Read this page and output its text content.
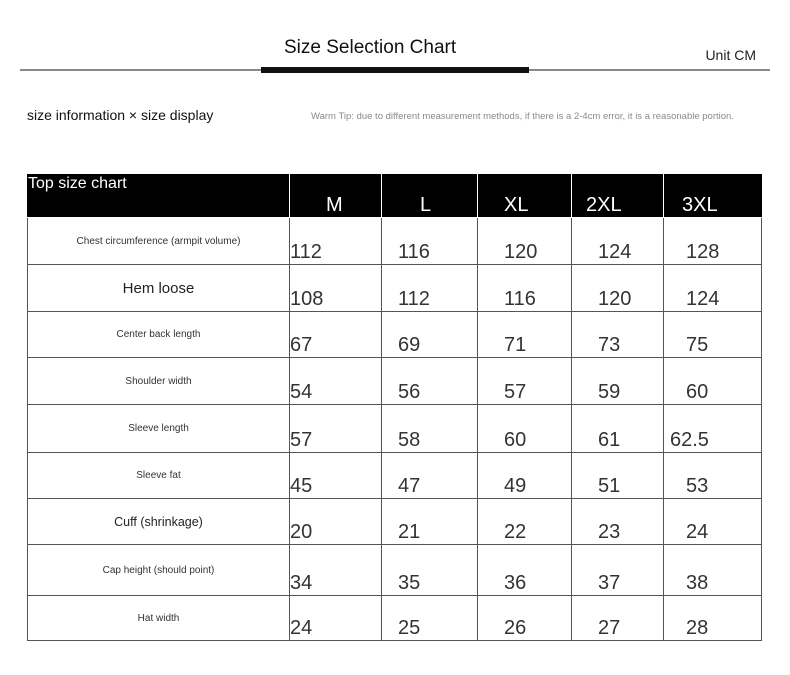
Size Selection Chart	Unit CM
size information × size display	Warm Tip: due to different measurement methods, if there is a 2-4cm error, it is a reasonable portion.
Top size chart	M	L	XL	2XL	3XL
Chest circumference (armpit volume)	112	116	120	124	128
Hem loose	108	112	116	120	124
Center back length	67	69	71	73	75
Shoulder width	54	56	57	59	60
Sleeve length	57	58	60	61	62.5
Sleeve fat	45	47	49	51	53
Cuff (shrinkage)	20	21	22	23	24
Cap height (should point)	34	35	36	37	38
Hat width	24	25	26	27	28
